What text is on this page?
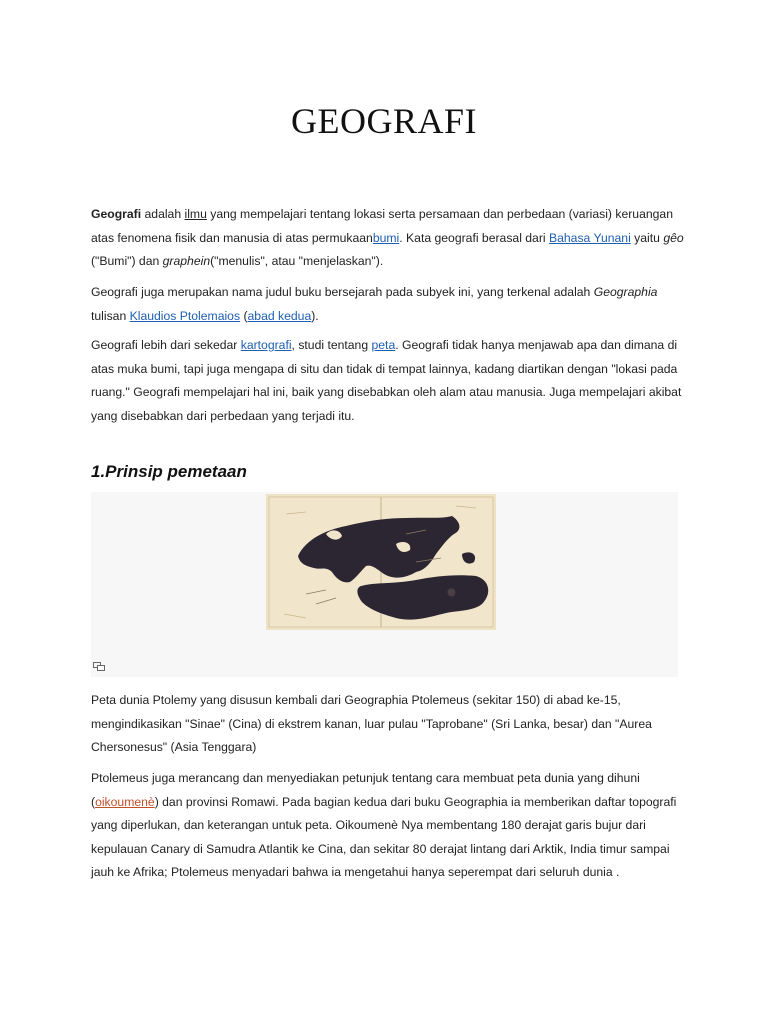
GEOGRAFI

Geografi adalah ilmu yang mempelajari tentang lokasi serta persamaan dan perbedaan (variasi) keruangan atas fenomena fisik dan manusia di atas permukaanbumi. Kata geografi berasal dari Bahasa Yunani yaitu gêo ("Bumi") dan graphein("menulis", atau "menjelaskan").

Geografi juga merupakan nama judul buku bersejarah pada subyek ini, yang terkenal adalah Geographia tulisan Klaudios Ptolemaios (abad kedua).

Geografi lebih dari sekedar kartografi, studi tentang peta. Geografi tidak hanya menjawab apa dan dimana di atas muka bumi, tapi juga mengapa di situ dan tidak di tempat lainnya, kadang diartikan dengan "lokasi pada ruang." Geografi mempelajari hal ini, baik yang disebabkan oleh alam atau manusia. Juga mempelajari akibat yang disebabkan dari perbedaan yang terjadi itu.

1.Prinsip pemetaan

Peta dunia Ptolemy yang disusun kembali dari Geographia Ptolemeus (sekitar 150) di abad ke-15, mengindikasikan "Sinae" (Cina) di ekstrem kanan, luar pulau "Taprobane" (Sri Lanka, besar) dan "Aurea Chersonesus" (Asia Tenggara)

Ptolemeus juga merancang dan menyediakan petunjuk tentang cara membuat peta dunia yang dihuni (oikoumenè) dan provinsi Romawi. Pada bagian kedua dari buku Geographia ia memberikan daftar topografi yang diperlukan, dan keterangan untuk peta. Oikoumenè Nya membentang 180 derajat garis bujur dari kepulauan Canary di Samudra Atlantik ke Cina, dan sekitar 80 derajat lintang dari Arktik, India timur sampai jauh ke Afrika; Ptolemeus menyadari bahwa ia mengetahui hanya seperempat dari seluruh dunia .
